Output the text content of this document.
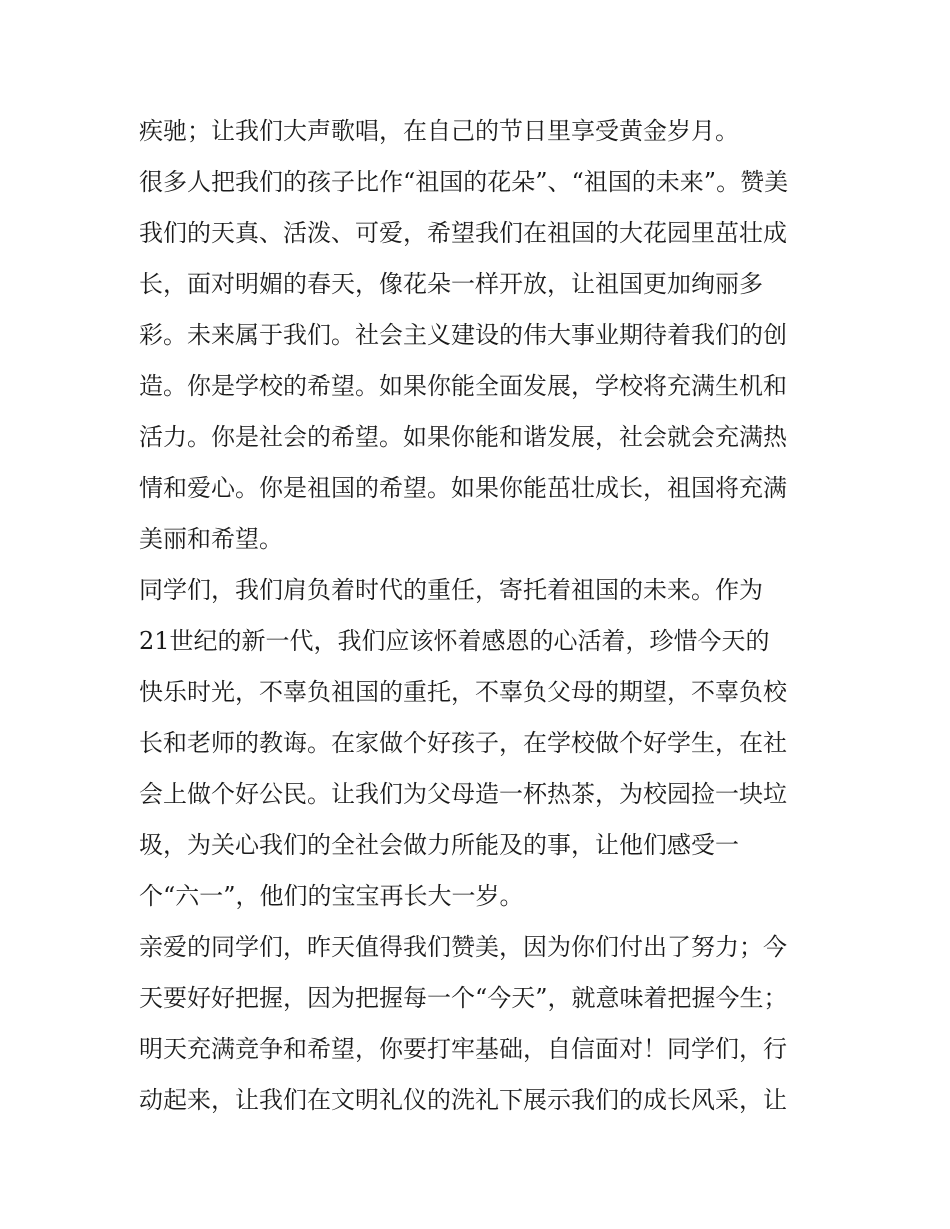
疾驰；让我们大声歌唱，在自己的节日里享受黄金岁月。

很多人把我们的孩子比作“祖国的花朵”、“祖国的未来”。赞美

我们的天真、活泼、可爱，希望我们在祖国的大花园里茁壮成

长，面对明媚的春天，像花朵一样开放，让祖国更加绚丽多

彩。未来属于我们。社会主义建设的伟大事业期待着我们的创

造。你是学校的希望。如果你能全面发展，学校将充满生机和

活力。你是社会的希望。如果你能和谐发展，社会就会充满热

情和爱心。你是祖国的希望。如果你能茁壮成长，祖国将充满

美丽和希望。

同学们，我们肩负着时代的重任，寄托着祖国的未来。作为

21世纪的新一代，我们应该怀着感恩的心活着，珍惜今天的

快乐时光，不辜负祖国的重托，不辜负父母的期望，不辜负校

长和老师的教诲。在家做个好孩子，在学校做个好学生，在社

会上做个好公民。让我们为父母造一杯热茶，为校园捡一块垃

圾，为关心我们的全社会做力所能及的事，让他们感受一

个“六一”，他们的宝宝再长大一岁。

亲爱的同学们，昨天值得我们赞美，因为你们付出了努力；今

天要好好把握，因为把握每一个“今天”，就意味着把握今生；

明天充满竞争和希望，你要打牢基础，自信面对！同学们，行

动起来，让我们在文明礼仪的洗礼下展示我们的成长风采，让
